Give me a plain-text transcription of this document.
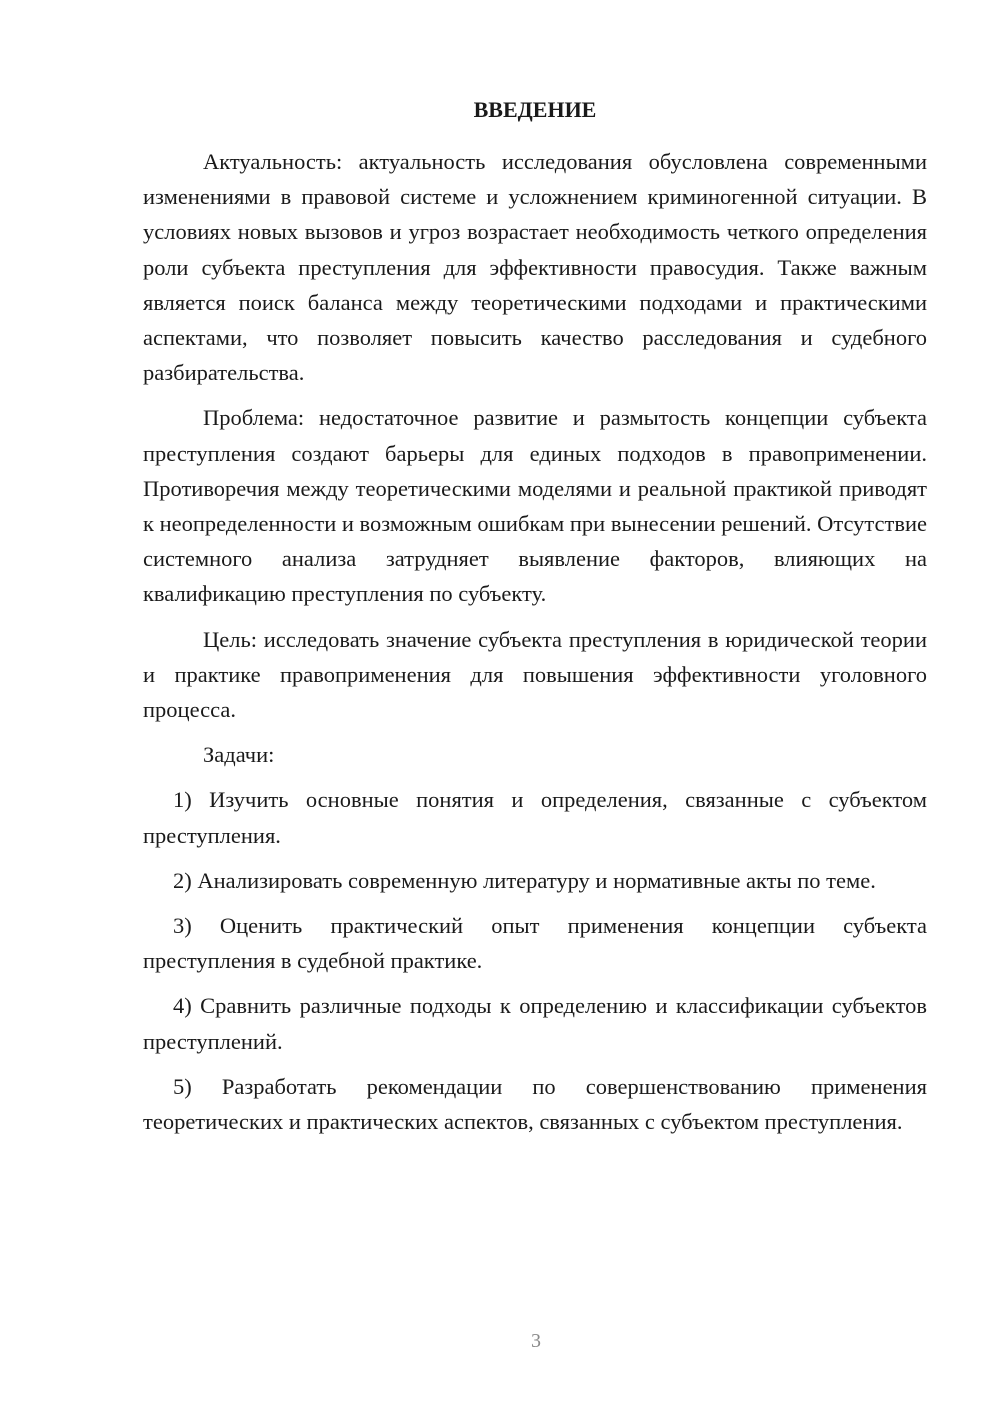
ВВЕДЕНИЕ

Актуальность: актуальность исследования обусловлена современными изменениями в правовой системе и усложнением криминогенной ситуации. В условиях новых вызовов и угроз возрастает необходимость четкого определения роли субъекта преступления для эффективности правосудия. Также важным является поиск баланса между теоретическими подходами и практическими аспектами, что позволяет повысить качество расследования и судебного разбирательства.

Проблема: недостаточное развитие и размытость концепции субъекта преступления создают барьеры для единых подходов в правоприменении. Противоречия между теоретическими моделями и реальной практикой приводят к неопределенности и возможным ошибкам при вынесении решений. Отсутствие системного анализа затрудняет выявление факторов, влияющих на квалификацию преступления по субъекту.

Цель: исследовать значение субъекта преступления в юридической теории и практике правоприменения для повышения эффективности уголовного процесса.

Задачи:

1) Изучить основные понятия и определения, связанные с субъектом преступления.

2) Анализировать современную литературу и нормативные акты по теме.

3) Оценить практический опыт применения концепции субъекта преступления в судебной практике.

4) Сравнить различные подходы к определению и классификации субъектов преступлений.

5) Разработать рекомендации по совершенствованию применения теоретических и практических аспектов, связанных с субъектом преступления.

3
